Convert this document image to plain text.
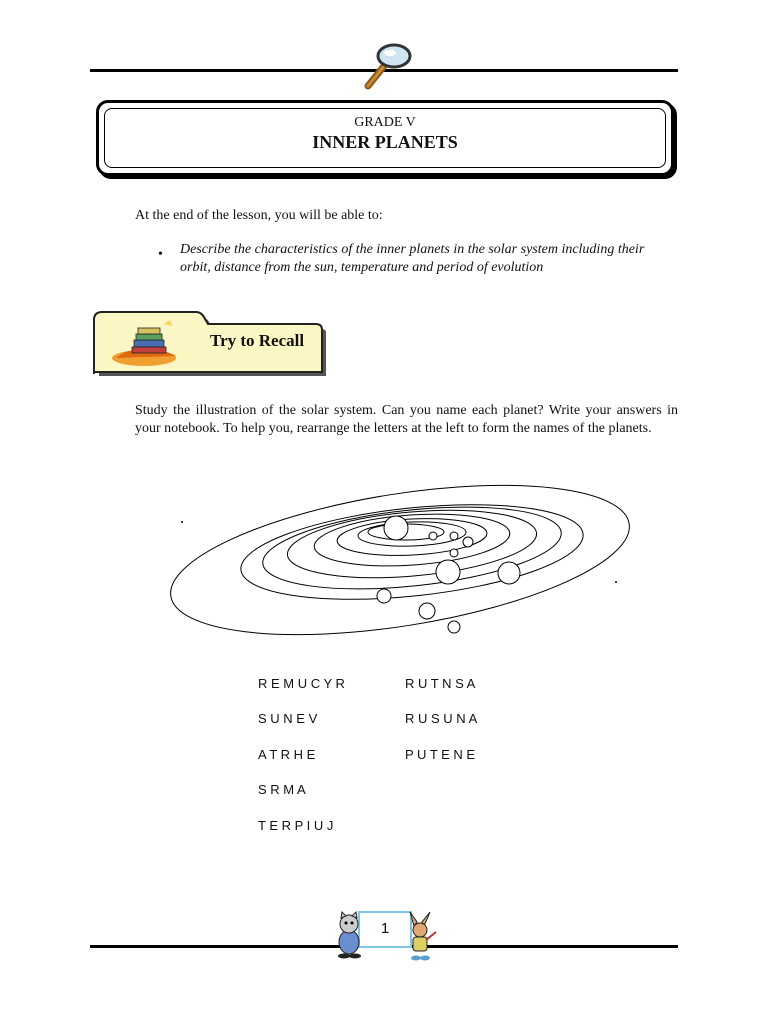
GRADE V
INNER PLANETS
At the end of the lesson, you will be able to:
• Describe the characteristics of the inner planets in the solar system including their orbit, distance from the sun, temperature and period of evolution
Try to Recall
Study the illustration of the solar system. Can you name each planet? Write your answers in your notebook. To help you, rearrange the letters at the left to form the names of the planets.
R E M U C Y R
S U N E V
A T R H E
S R M A
T E R P I U J
R U T N S A
R U S U N A
P U T E N E
1
